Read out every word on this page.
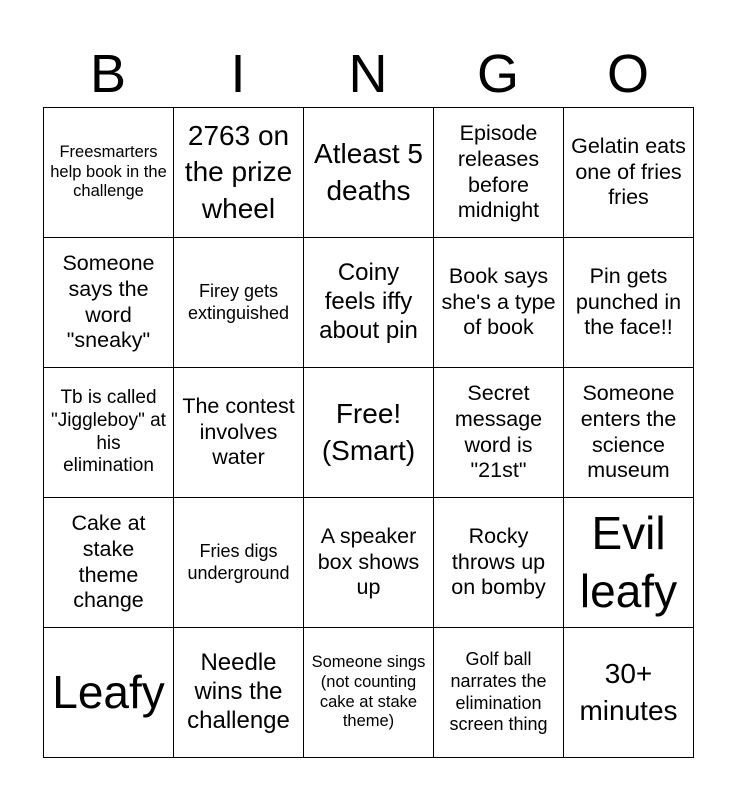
B	I	N	G	O
Freesmarters help book in the challenge	2763 on the prize wheel	Atleast 5 deaths	Episode releases before midnight	Gelatin eats one of fries fries
Someone says the word "sneaky"	Firey gets extinguished	Coiny feels iffy about pin	Book says she's a type of book	Pin gets punched in the face!!
Tb is called "Jiggleboy" at his elimination	The contest involves water	Free! (Smart)	Secret message word is "21st"	Someone enters the science museum
Cake at stake theme change	Fries digs underground	A speaker box shows up	Rocky throws up on bomby	Evil leafy
Leafy	Needle wins the challenge	Someone sings (not counting cake at stake theme)	Golf ball narrates the elimination screen thing	30+ minutes
